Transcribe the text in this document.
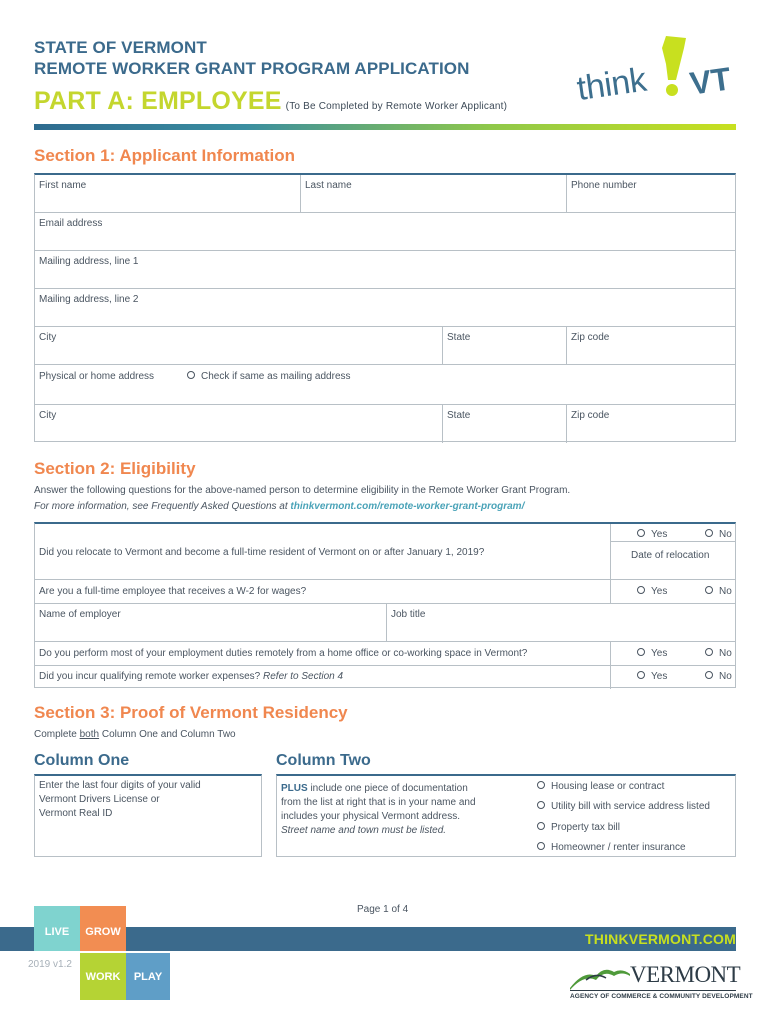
STATE OF VERMONT
REMOTE WORKER GRANT PROGRAM APPLICATION
PART A: EMPLOYEE (To Be Completed by Remote Worker Applicant) think VT
Section 1: Applicant Information
First name	Last name	Phone number
Email address
Mailing address, line 1
Mailing address, line 2
City	State	Zip code
Physical or home address	Check if same as mailing address
City	State	Zip code
Section 2: Eligibility
Answer the following questions for the above-named person to determine eligibility in the Remote Worker Grant Program.
For more information, see Frequently Asked Questions at thinkvermont.com/remote-worker-grant-program/
Did you relocate to Vermont and become a full-time resident of Vermont on or after January 1, 2019?
Yes	No
Date of relocation
Are you a full-time employee that receives a W-2 for wages?	Yes	No
Name of employer	Job title
Do you perform most of your employment duties remotely from a home office or co-working space in Vermont?	Yes	No
Did you incur qualifying remote worker expenses? Refer to Section 4	Yes	No
Section 3: Proof of Vermont Residency
Complete both Column One and Column Two
Column One	Column Two
Enter the last four digits of your valid
Vermont Drivers License or
Vermont Real ID
PLUS include one piece of documentation
from the list at right that is in your name and
includes your physical Vermont address.
Street name and town must be listed.
Housing lease or contract
Utility bill with service address listed
Property tax bill
Homeowner / renter insurance
Page 1 of 4
THINKVERMONT.COM
LIVE	GROW
WORK	PLAY
2019 v1.2	VERMONT
AGENCY OF COMMERCE & COMMUNITY DEVELOPMENT
